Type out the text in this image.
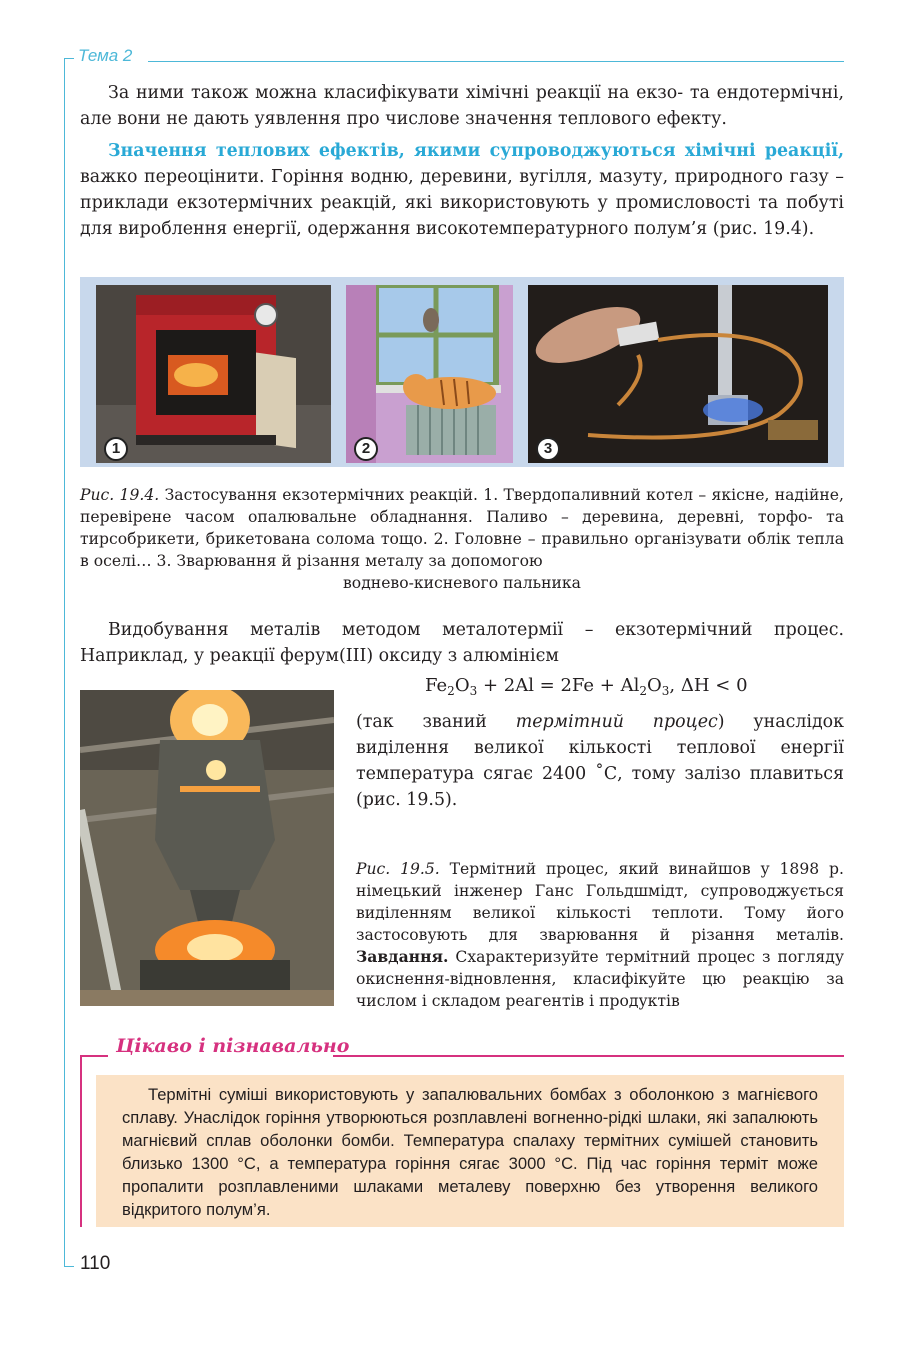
Тема 2

За ними також можна класифікувати хімічні реакції на екзо- та ендотермічні, але вони не дають уявлення про числове значення теплового ефекту.

Значення теплових ефектів, якими супроводжуються хімічні реакції, важко переоцінити. Горіння водню, деревини, вугілля, мазуту, природного газу – приклади екзотермічних реакцій, які використовують у промисловості та побуті для вироблення енергії, одержання високотемпературного полум’я (рис. 19.4).

1	2	3

Рис. 19.4. Застосування екзотермічних реакцій. 1. Твердопаливний котел – якісне, надійне, перевірене часом опалювальне обладнання. Паливо – деревина, деревні, торфо- та тирсобрикети, брикетована солома тощо. 2. Головне – правильно організувати облік тепла в оселі… 3. Зварювання й різання металу за допомогою

воднево-кисневого пальника

Видобування металів методом металотермії – екзотермічний процес. Наприклад, у реакції ферум(III) оксиду з алюмінієм

$Fe_2O_3 + 2Al = 2Fe + Al_2O_3$, ΔH < 0

(так званий термітний процес) унаслідок виділення великої кількості теплової енергії температура сягає 2400 ˚С, тому залізо плавиться (рис. 19.5).

Рис. 19.5. Термітний процес, який винайшов у 1898 р. німецький інженер Ганс Гольдшмідт, супроводжується виділенням великої кількості теплоти. Тому його застосовують для зварювання й різання металів. Завдання. Схарактеризуйте термітний процес з погляду окиснення-відновлення, класифікуйте цю реакцію за числом і складом реагентів і продуктів

Цікаво і пізнавально

Термітні суміші використовують у запалювальних бомбах з оболонкою з магнієвого сплаву. Унаслідок горіння утворюються розплавлені вогненно-рідкі шлаки, які запалюють магнієвий сплав оболонки бомби. Температура спалаху термітних сумішей становить близько 1300 °С, а температура горіння сягає 3000 °С. Під час горіння терміт може пропалити розплавленими шлаками металеву поверхню без утворення великого відкритого полум’я.

110
